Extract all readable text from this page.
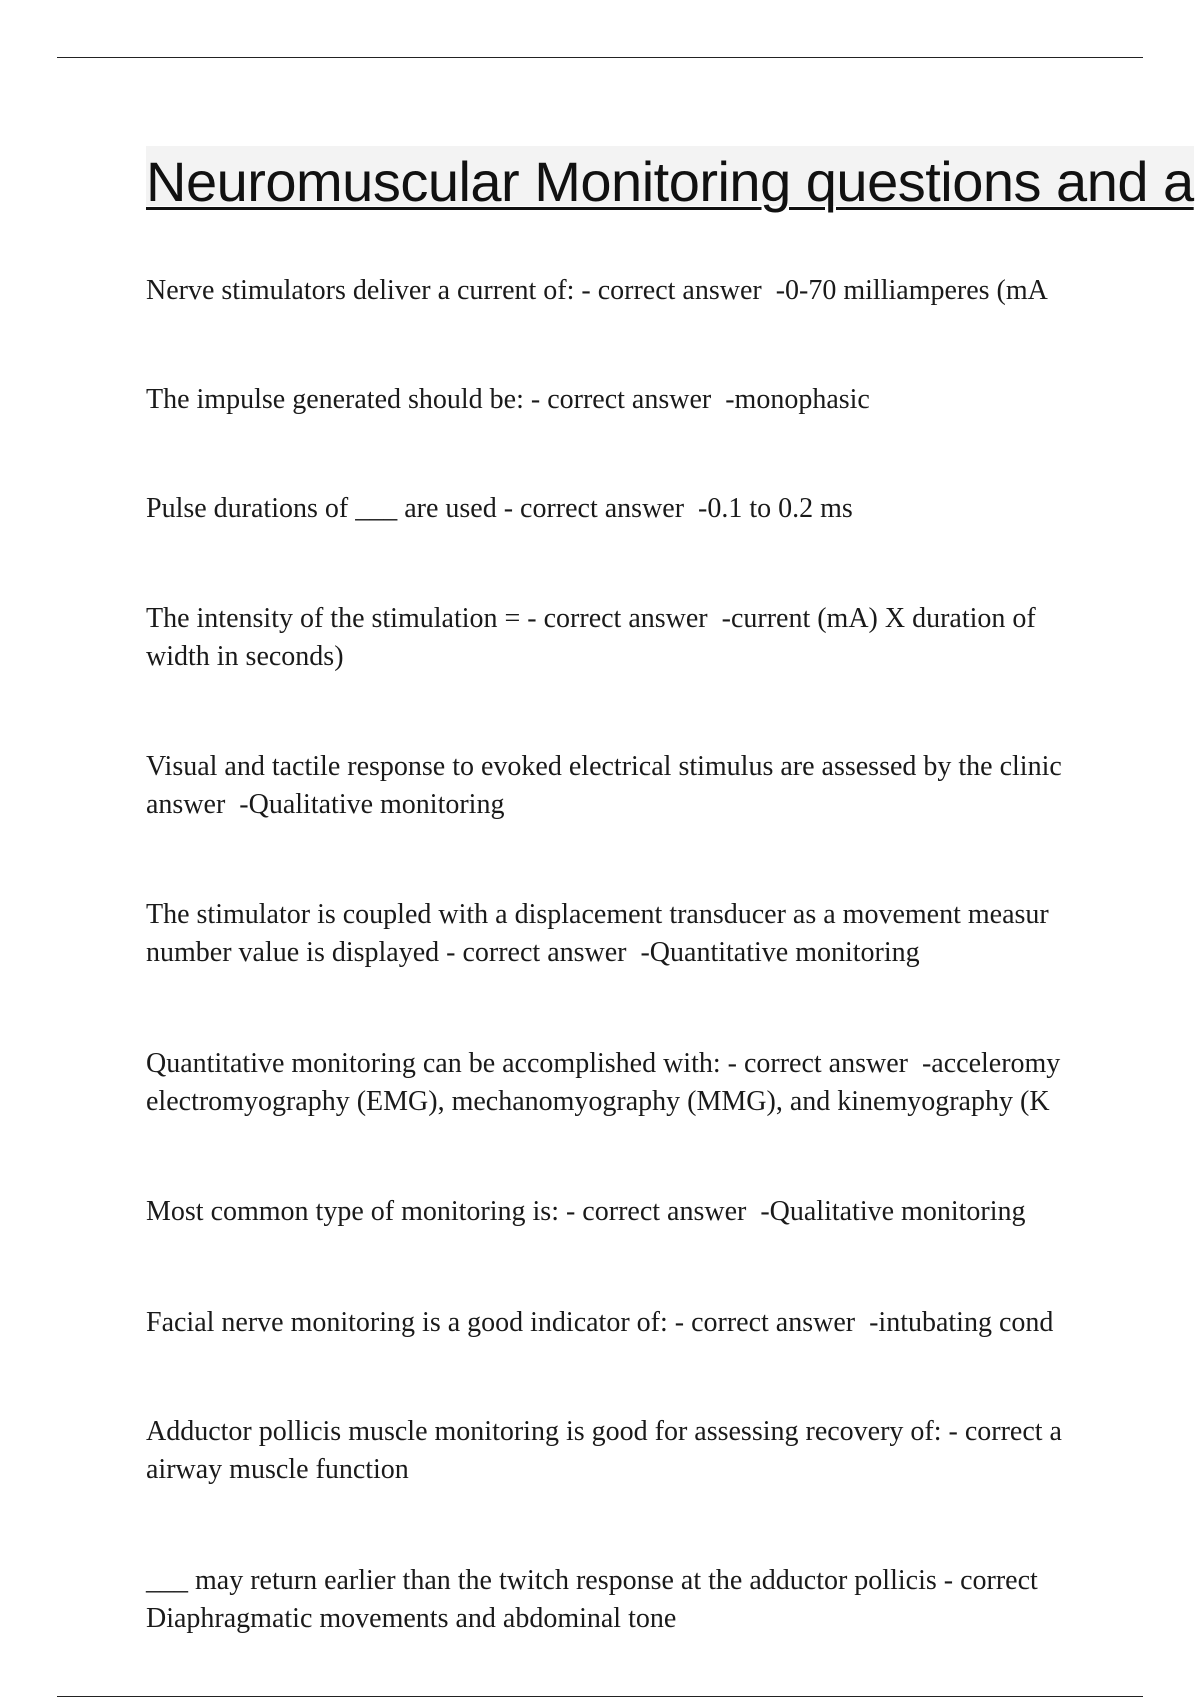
Neuromuscular Monitoring questions and a

Nerve stimulators deliver a current of: - correct answer  -0-70 milliamperes (mA

The impulse generated should be: - correct answer  -monophasic

Pulse durations of ___ are used - correct answer  -0.1 to 0.2 ms

The intensity of the stimulation = - correct answer  -current (mA) X duration of
width in seconds)

Visual and tactile response to evoked electrical stimulus are assessed by the clinic
answer  -Qualitative monitoring

The stimulator is coupled with a displacement transducer as a movement measur
number value is displayed - correct answer  -Quantitative monitoring

Quantitative monitoring can be accomplished with: - correct answer  -acceleromy
electromyography (EMG), mechanomyography (MMG), and kinemyography (K

Most common type of monitoring is: - correct answer  -Qualitative monitoring

Facial nerve monitoring is a good indicator of: - correct answer  -intubating cond

Adductor pollicis muscle monitoring is good for assessing recovery of: - correct a
airway muscle function

___ may return earlier than the twitch response at the adductor pollicis - correct
Diaphragmatic movements and abdominal tone
